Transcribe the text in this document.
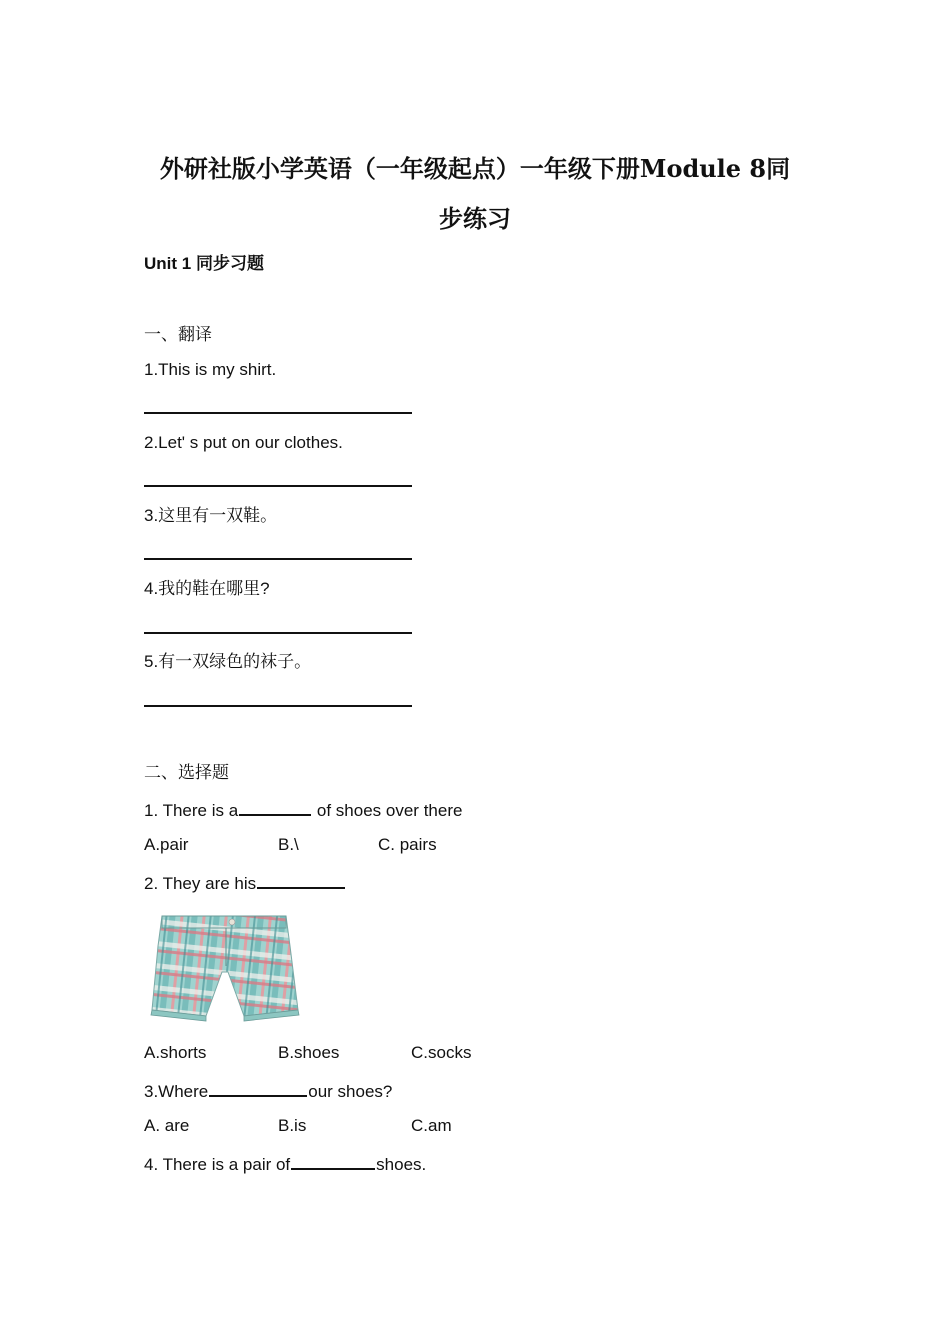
外研社版小学英语（一年级起点）一年级下册Module 8同
步练习
Unit 1 同步习题
一、翻译
1.This is my shirt.
2.Let' s put on our clothes.
3.这里有一双鞋。
4.我的鞋在哪里?
5.有一双绿色的袜子。
二、选择题
1. There is a	of shoes over there
A.pair	B.\	C. pairs
2. They are his
A.shorts	B.shoes	C.socks
3.Where	our shoes?
A. are	B.is	C.am
4. There is a pair of	shoes.
